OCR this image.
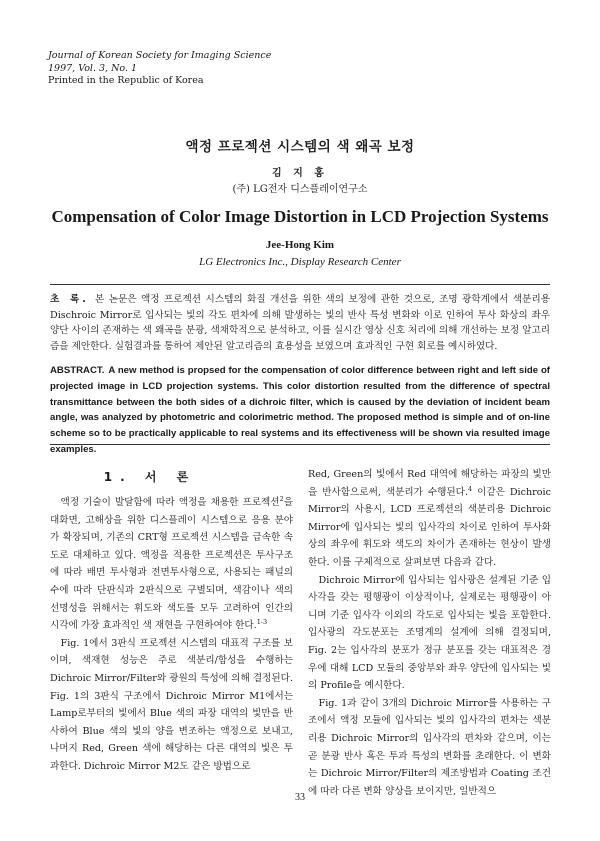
Journal of Korean Society for Imaging Science
1997, Vol. 3, No. 1
Printed in the Republic of Korea
액정 프로젝션 시스템의 색 왜곡 보정
김 지 홍
(주) LG전자 디스플레이연구소
Compensation of Color Image Distortion in LCD Projection Systems
Jee-Hong Kim
LG Electronics Inc., Display Research Center
초 록. 본 논문은 액정 프로젝션 시스템의 화질 개선을 위한 색의 보정에 관한 것으로, 조명 광학계에서 색분리용 Dischroic Mirror로 입사되는 빛의 각도 편차에 의해 발생하는 빛의 반사 특성 변화와 이로 인하여 투사 화상의 좌우 양단 사이의 존재하는 색 왜곡을 분광, 색채학적으로 분석하고, 이를 실시간 영상 신호 처리에 의해 개선하는 보정 알고리즘을 제안한다. 실험결과를 통하여 제안된 알고리즘의 효용성을 보였으며 효과적인 구현 회로를 예시하였다.
ABSTRACT. A new method is propsed for the compensation of color difference between right and left side of projected image in LCD projection systems. This color distortion resulted from the difference of spectral transmittance between the both sides of a dichroic filter, which is caused by the deviation of incident beam angle, was analyzed by photometric and colorimetric method. The proposed method is simple and of on-line scheme so to be practically applicable to real systems and its effectiveness will be shown via resulted image examples.
1. 서 론

액정 기술이 발달함에 따라 액정을 채용한 프로젝션$^2$을 대화면, 고해상을 위한 디스플레이 시스템으로 응용 분야가 확장되며, 기존의 CRT형 프로젝션 시스템을 급속한 속도로 대체하고 있다. 액정을 적용한 프로젝션은 투사구조에 따라 배면 투사형과 전면투사형으로, 사용되는 패널의 수에 따라 단판식과 2판식으로 구별되며, 색감이나 색의 선명성을 위해서는 휘도와 색도를 모두 고려하여 인간의 시각에 가장 효과적인 색 재현을 구현하여야 한다.$^{1-3}$

Fig. 1에서 3판식 프로젝션 시스템의 대표적 구조를 보이며, 색재현 성능은 주로 색분리/합성을 수행하는 Dichroic Mirror/Filter와 광원의 특성에 의해 결정된다. Fig. 1의 3판식 구조에서 Dichroic Mirror M1에서는 Lamp로부터의 빛에서 Blue 색의 파장 대역의 빛만을 반사하여 Blue 색의 빛의 양을 변조하는 액정으로 보내고, 나머지 Red, Green 색에 해당하는 다른 대역의 빛은 투과한다. Dichroic Mirror M2도 같은 방법으로

Red, Green의 빛에서 Red 대역에 해당하는 파장의 빛만을 반사함으로써, 색분리가 수행된다.$^4$ 이같은 Dichroic Mirror의 사용시, LCD 프로젝션의 색분리용 Dichroic Mirror에 입사되는 빛의 입사각의 차이로 인하여 투사화상의 좌우에 휘도와 색도의 차이가 존재하는 현상이 발생한다. 이를 구체적으로 살펴보면 다음과 같다.

Dichroic Mirror에 입사되는 입사광은 설계된 기준 입사각을 갖는 평행광이 이상적이나, 실제로는 평행광이 아니며 기준 입사각 이외의 각도로 입사되는 빛을 포함한다. 입사광의 각도분포는 조명계의 설계에 의해 결정되며, Fig. 2는 입사각의 분포가 정규 분포를 갖는 대표적은 경우에 대해 LCD 모듈의 중앙부와 좌우 양단에 입사되는 빛의 Profile을 예시한다.

Fig. 1과 같이 3개의 Dichroic Mirror를 사용하는 구조에서 액정 모듈에 입사되는 빛의 입사각의 편차는 색분리용 Dichroic Mirror의 입사각의 편차와 같으며, 이는 곧 분광 반사 혹은 투과 특성의 변화를 초래한다. 이 변화는 Dichroic Mirror/Filter의 제조방법과 Coating 조건에 따라 다른 변화 양상을 보이지만, 일반적으

33
